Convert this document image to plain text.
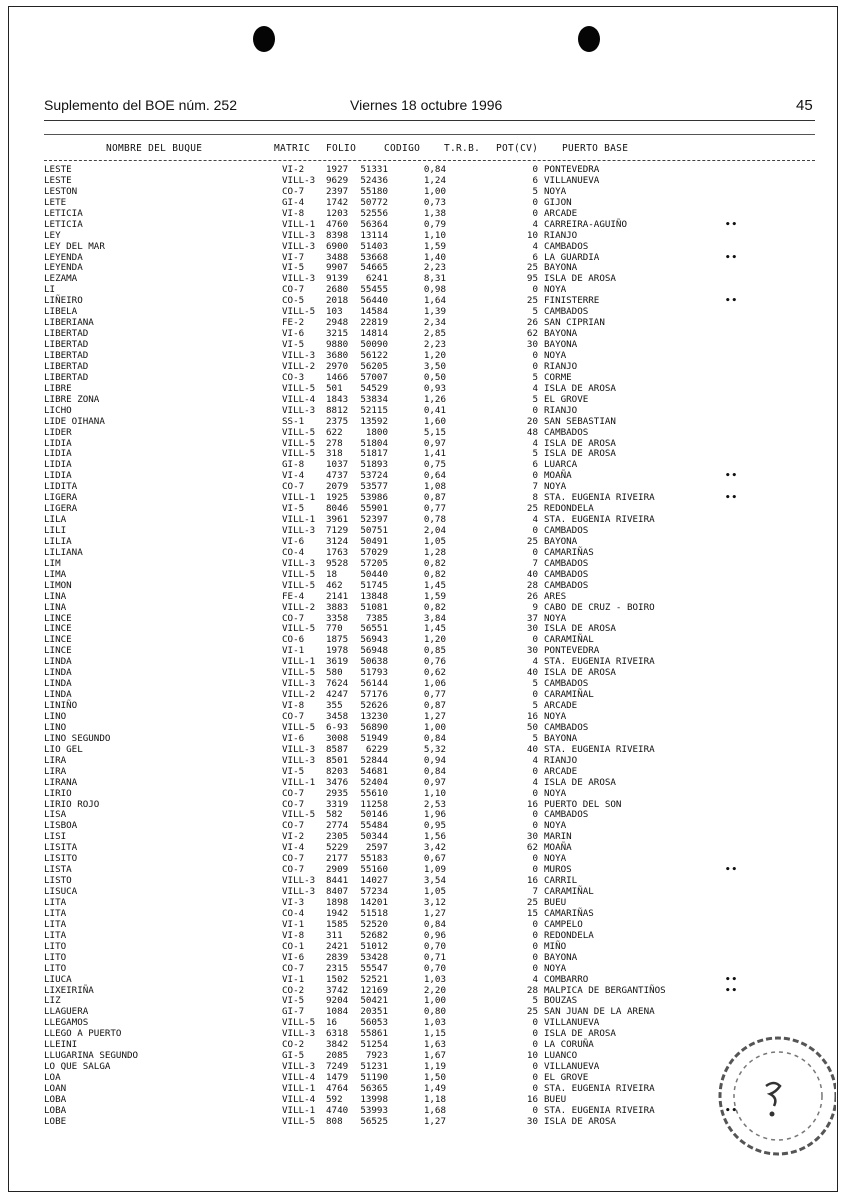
Suplemento del BOE núm. 252	Viernes 18 octubre 1996	45
NOMBRE DEL BUQUE	MATRIC FOLIO	CODIGO	T.R.B. POT(CV)	PUERTO BASE
LESTE	VI-2 1927	51331	0,84	0 PONTEVEDRA
LESTE	VILL-3 9629	52436	1,24	6 VILLANUEVA
LESTON	CO-7 2397	55180	1,00	5 NOYA
LETE	GI-4 1742	50772	0,73	0 GIJON
LETICIA	VI-8 1203	52556	1,38	0 ARCADE
LETICIA	VILL-1 4760	56364	0,79	4 CARREIRA-AGUIÑO	••
LEY	VILL-3 8398	13114	1,10	10 RIANJO
LEY DEL MAR	VILL-3 6900	51403	1,59	4 CAMBADOS
LEYENDA	VI-7 3488	53668	1,40	6 LA GUARDIA	••
LEYENDA	VI-5 9907	54665	2,23	25 BAYONA
LEZAMA	VILL-3 9139	6241	8,31	95 ISLA DE AROSA
LI	CO-7 2680	55455	0,98	0 NOYA
LIÑEIRO	CO-5 2018	56440	1,64	25 FINISTERRE	••
LIBELA	VILL-5 103	14584	1,39	5 CAMBADOS
LIBERIANA	FE-2 2948	22819	2,34	26 SAN CIPRIAN
LIBERTAD	VI-6 3215	14814	2,85	62 BAYONA
LIBERTAD	VI-5 9880	50090	2,23	30 BAYONA
LIBERTAD	VILL-3 3680	56122	1,20	0 NOYA
LIBERTAD	VILL-2 2970	56205	3,50	0 RIANJO
LIBERTAD	CO-3 1466	57007	0,50	5 CORME
LIBRE	VILL-5 501	54529	0,93	4 ISLA DE AROSA
LIBRE ZONA	VILL-4 1843	53834	1,26	5 EL GROVE
LICHO	VILL-3 8812	52115	0,41	0 RIANJO
LIDE OIHANA	SS-1 2375	13592	1,60	20 SAN SEBASTIAN
LIDER	VILL-5 622	1800	5,15	48 CAMBADOS
LIDIA	VILL-5 278	51804	0,97	4 ISLA DE AROSA
LIDIA	VILL-5 318	51817	1,41	5 ISLA DE AROSA
LIDIA	GI-8 1037	51893	0,75	6 LUARCA
LIDIA	VI-4 4737	53724	0,64	0 MOAÑA	••
LIDITA	CO-7 2079	53577	1,08	7 NOYA
LIGERA	VILL-1 1925	53986	0,87	8 STA. EUGENIA RIVEIRA	••
LIGERA	VI-5 8046	55901	0,77	25 REDONDELA
LILA	VILL-1 3961	52397	0,78	4 STA. EUGENIA RIVEIRA
LILI	VILL-3 7129	50751	2,04	0 CAMBADOS
LILIA	VI-6 3124	50491	1,05	25 BAYONA
LILIANA	CO-4 1763	57029	1,28	0 CAMARIÑAS
LIM	VILL-3 9528	57205	0,82	7 CAMBADOS
LIMA	VILL-5 18	50440	0,82	40 CAMBADOS
LIMON	VILL-5 462	51745	1,45	28 CAMBADOS
LINA	FE-4 2141	13848	1,59	26 ARES
LINA	VILL-2 3883	51081	0,82	9 CABO DE CRUZ - BOIRO
LINCE	CO-7 3358	7385	3,84	37 NOYA
LINCE	VILL-5 770	56551	1,45	30 ISLA DE AROSA
LINCE	CO-6 1875	56943	1,20	0 CARAMIÑAL
LINCE	VI-1 1978	56948	0,85	30 PONTEVEDRA
LINDA	VILL-1 3619	50638	0,76	4 STA. EUGENIA RIVEIRA
LINDA	VILL-5 580	51793	0,62	40 ISLA DE AROSA
LINDA	VILL-3 7624	56144	1,06	5 CAMBADOS
LINDA	VILL-2 4247	57176	0,77	0 CARAMIÑAL
LINIÑO	VI-8 355	52626	0,87	5 ARCADE
LINO	CO-7 3458	13230	1,27	16 NOYA
LINO	VILL-5 6-93	56890	1,00	50 CAMBADOS
LINO SEGUNDO	VI-6 3008	51949	0,84	5 BAYONA
LIO GEL	VILL-3 8587	6229	5,32	40 STA. EUGENIA RIVEIRA
LIRA	VILL-3 8501	52844	0,94	4 RIANJO
LIRA	VI-5 8203	54681	0,84	0 ARCADE
LIRANA	VILL-1 3476	52404	0,97	4 ISLA DE AROSA
LIRIO	CO-7 2935	55610	1,10	0 NOYA
LIRIO ROJO	CO-7 3319	11258	2,53	16 PUERTO DEL SON
LISA	VILL-5 582	50146	1,96	0 CAMBADOS
LISBOA	CO-7 2774	55484	0,95	0 NOYA
LISI	VI-2 2305	50344	1,56	30 MARIN
LISITA	VI-4 5229	2597	3,42	62 MOAÑA
LISITO	CO-7 2177	55183	0,67	0 NOYA
LISTA	CO-7 2909	55160	1,09	0 MUROS	••
LISTO	VILL-3 8441	14027	3,54	16 CARRIL
LISUCA	VILL-3 8407	57234	1,05	7 CARAMIÑAL
LITA	VI-3 1898	14201	3,12	25 BUEU
LITA	CO-4 1942	51518	1,27	15 CAMARIÑAS
LITA	VI-1 1585	52520	0,84	0 CAMPELO
LITA	VI-8 311	52682	0,96	0 REDONDELA
LITO	CO-1 2421	51012	0,70	0 MIÑO
LITO	VI-6 2839	53428	0,71	0 BAYONA
LITO	CO-7 2315	55547	0,70	0 NOYA
LIUCA	VI-1 1502	52521	1,03	4 COMBARRO	••
LIXEIRIÑA	CO-2 3742	12169	2,20	28 MALPICA DE BERGANTIÑOS	••
LIZ	VI-5 9204	50421	1,00	5 BOUZAS
LLAGUERA	GI-7 1084	20351	0,80	25 SAN JUAN DE LA ARENA
LLEGAMOS	VILL-5 16	56053	1,03	0 VILLANUEVA
LLEGO A PUERTO	VILL-3 6318	55861	1,15	0 ISLA DE AROSA
LLEINI	CO-2 3842	51254	1,63	0 LA CORUÑA
LLUGARINA SEGUNDO	GI-5 2085	7923	1,67	10 LUANCO
LO QUE SALGA	VILL-3 7249	51231	1,19	0 VILLANUEVA
LOA	VILL-4 1479	51190	1,50	0 EL GROVE
LOAN	VILL-1 4764	56365	1,49	0 STA. EUGENIA RIVEIRA
LOBA	VILL-4 592	13998	1,18	16 BUEU
LOBA	VILL-1 4740	53993	1,68	0 STA. EUGENIA RIVEIRA	••
LOBE	VILL-5 808	56525	1,27	30 ISLA DE AROSA
